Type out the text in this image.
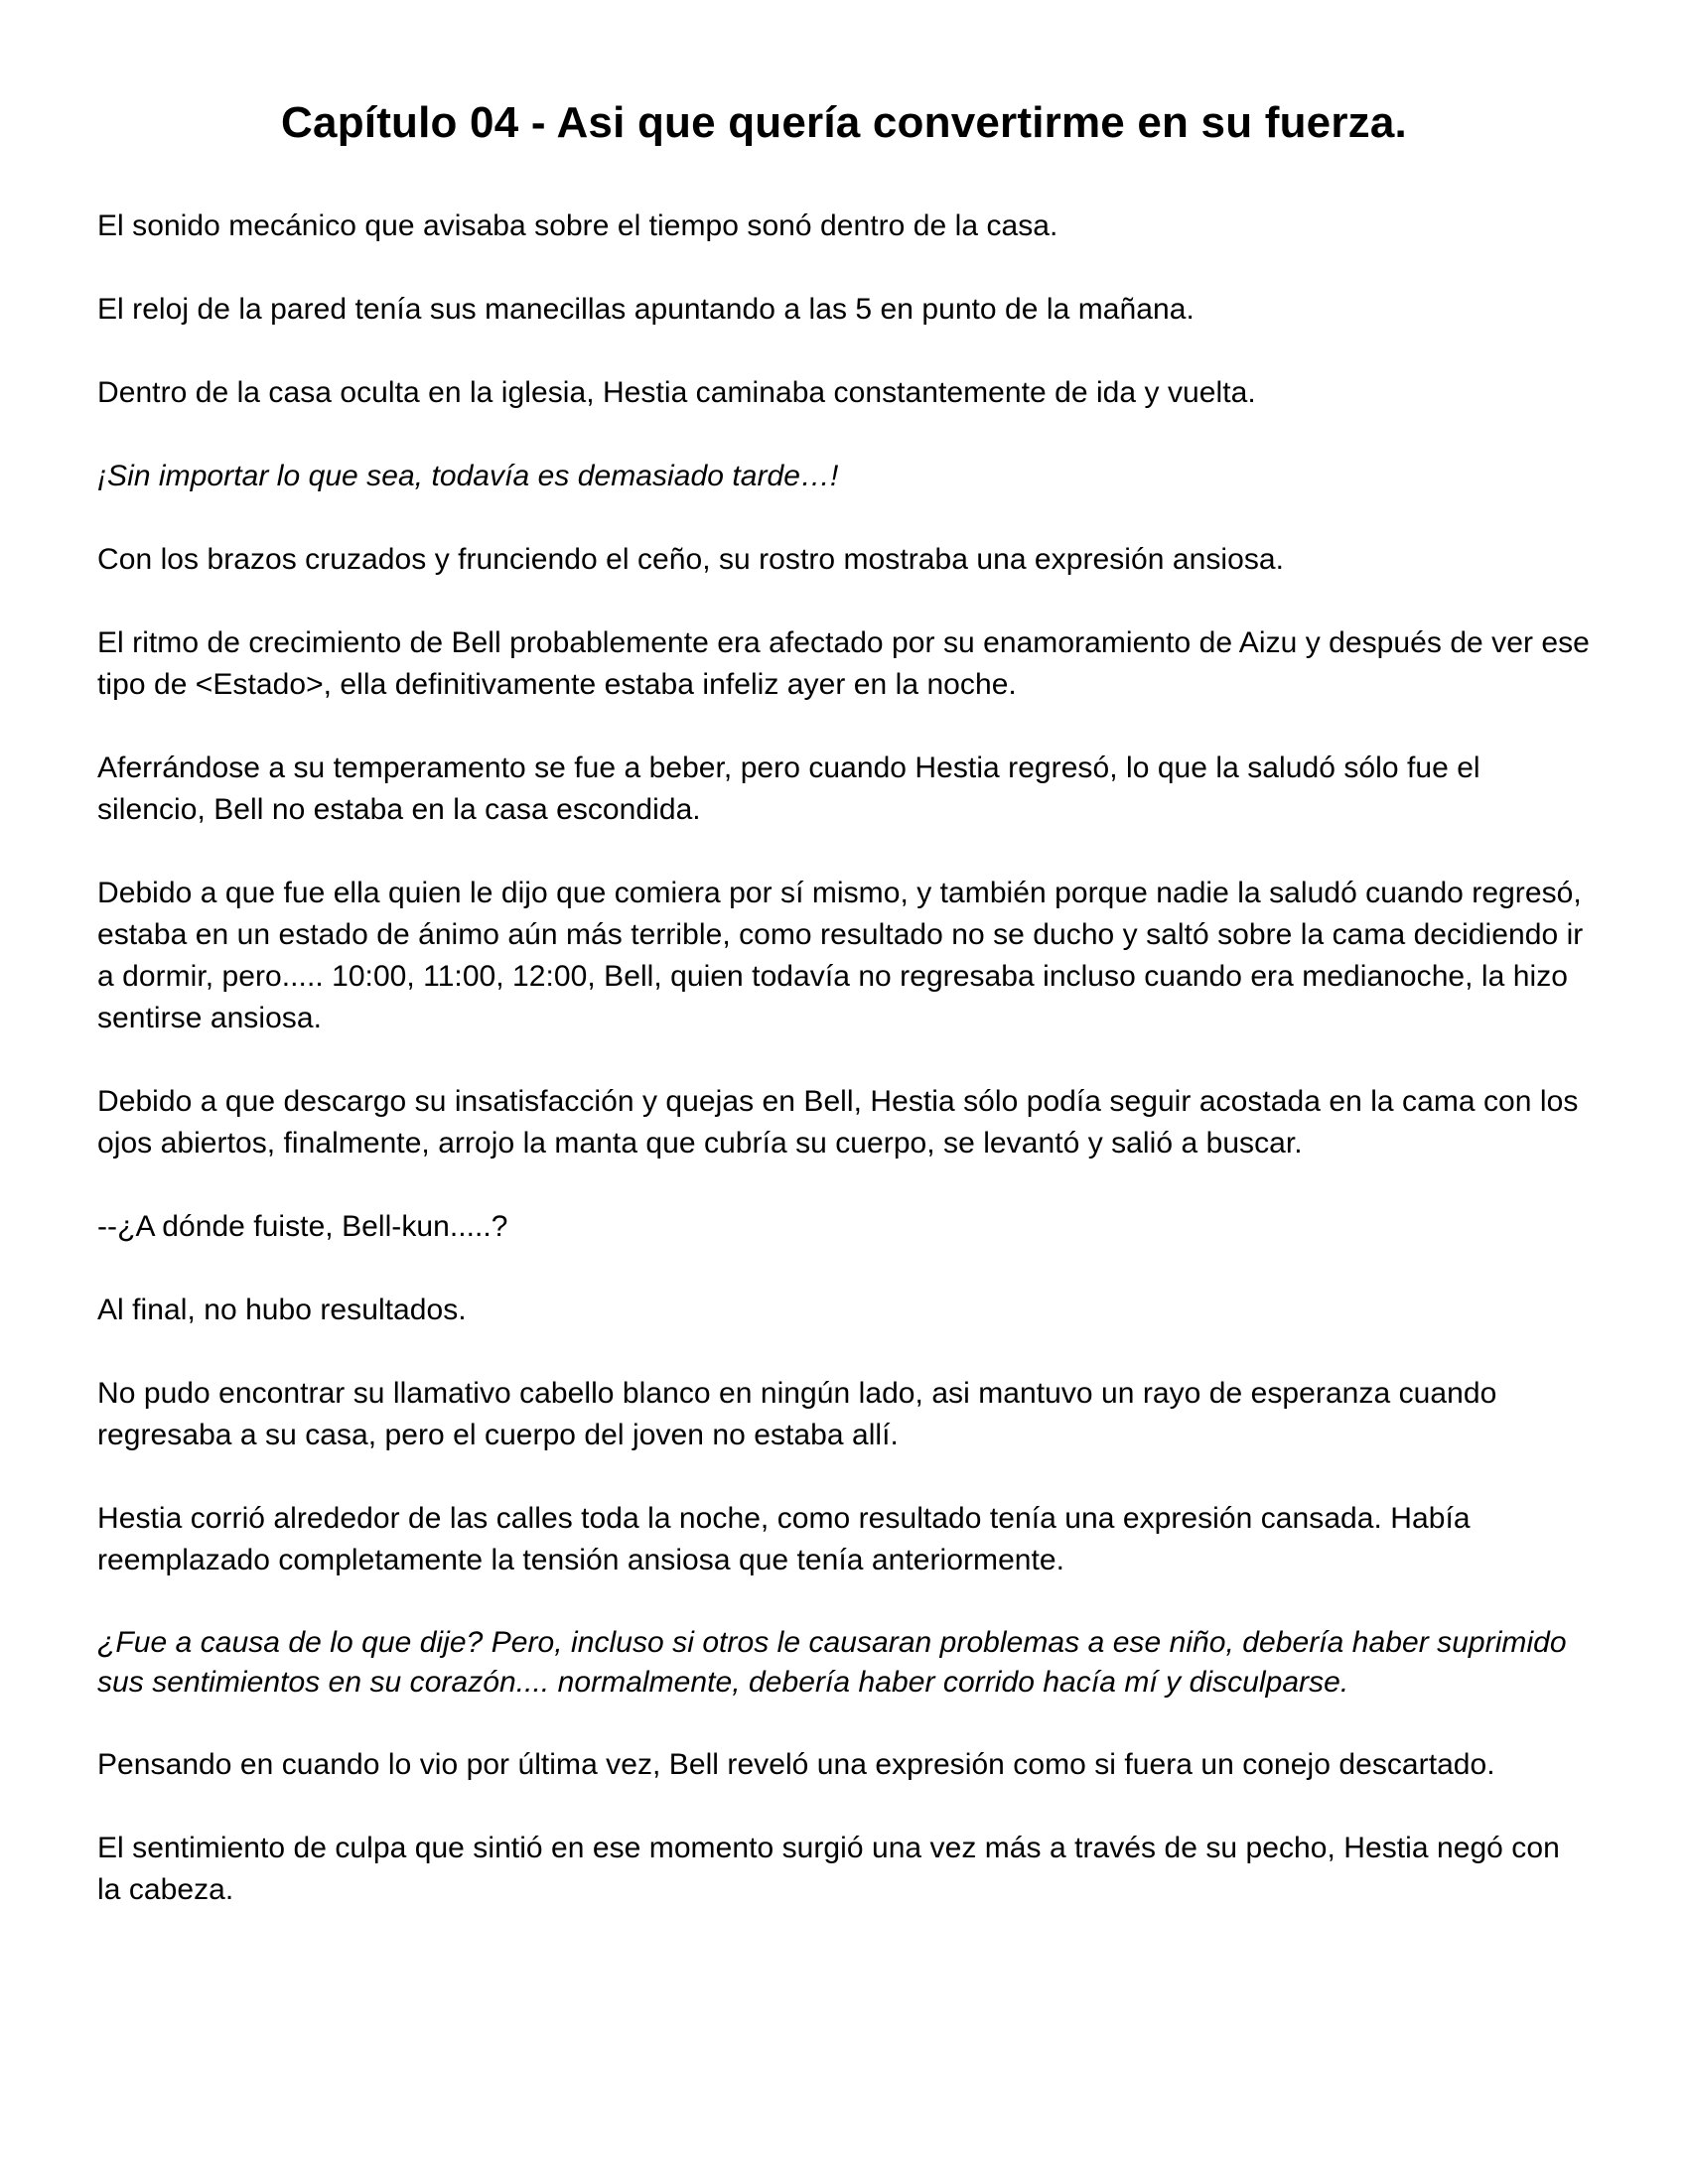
Capítulo 04 - Asi que quería convertirme en su fuerza.

El sonido mecánico que avisaba sobre el tiempo sonó dentro de la casa.

El reloj de la pared tenía sus manecillas apuntando a las 5 en punto de la mañana.

Dentro de la casa oculta en la iglesia, Hestia caminaba constantemente de ida y vuelta.

¡Sin importar lo que sea, todavía es demasiado tarde…!

Con los brazos cruzados y frunciendo el ceño, su rostro mostraba una expresión ansiosa.

El ritmo de crecimiento de Bell probablemente era afectado por su enamoramiento de Aizu y después de ver ese tipo de <Estado>, ella definitivamente estaba infeliz ayer en la noche.

Aferrándose a su temperamento se fue a beber, pero cuando Hestia regresó, lo que la saludó sólo fue el silencio, Bell no estaba en la casa escondida.

Debido a que fue ella quien le dijo que comiera por sí mismo, y también porque nadie la saludó cuando regresó, estaba en un estado de ánimo aún más terrible, como resultado no se ducho y saltó sobre la cama decidiendo ir a dormir, pero..... 10:00, 11:00, 12:00, Bell, quien todavía no regresaba incluso cuando era medianoche, la hizo sentirse ansiosa.

Debido a que descargo su insatisfacción y quejas en Bell, Hestia sólo podía seguir acostada en la cama con los ojos abiertos, finalmente, arrojo la manta que cubría su cuerpo, se levantó y salió a buscar.

--¿A dónde fuiste, Bell-kun.....?

Al final, no hubo resultados.

No pudo encontrar su llamativo cabello blanco en ningún lado, asi mantuvo un rayo de esperanza cuando regresaba a su casa, pero el cuerpo del joven no estaba allí.

Hestia corrió alrededor de las calles toda la noche, como resultado tenía una expresión cansada. Había reemplazado completamente la tensión ansiosa que tenía anteriormente.

¿Fue a causa de lo que dije? Pero, incluso si otros le causaran problemas a ese niño, debería haber suprimido sus sentimientos en su corazón.... normalmente, debería haber corrido hacía mí y disculparse.

Pensando en cuando lo vio por última vez, Bell reveló una expresión como si fuera un conejo descartado.

El sentimiento de culpa que sintió en ese momento surgió una vez más a través de su pecho, Hestia negó con la cabeza.
